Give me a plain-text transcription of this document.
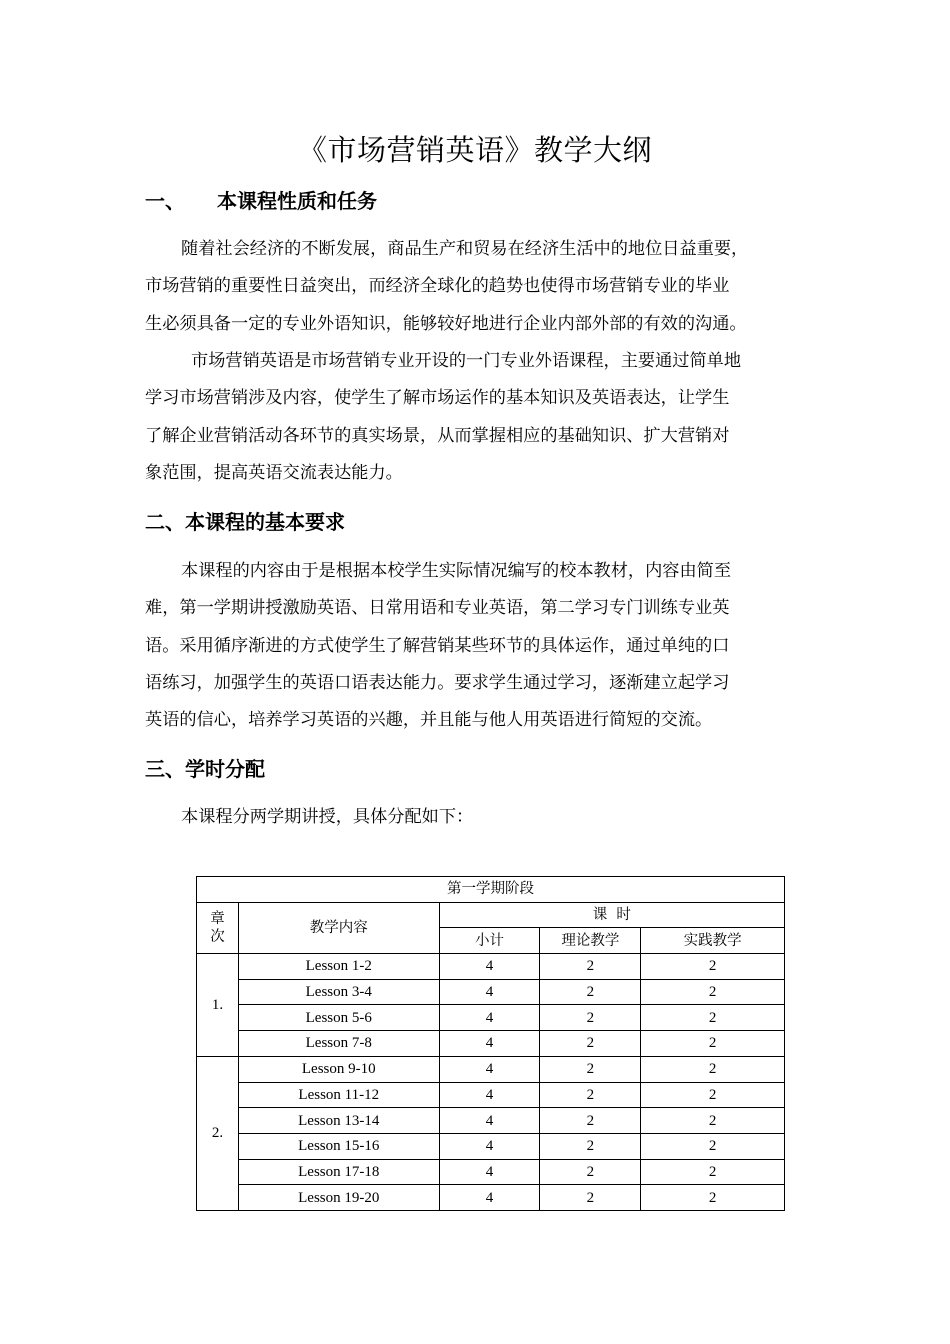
《市场营销英语》教学大纲
一、 本课程性质和任务

随着社会经济的不断发展，商品生产和贸易在经济生活中的地位日益重要，
市场营销的重要性日益突出，而经济全球化的趋势也使得市场营销专业的毕业
生必须具备一定的专业外语知识，能够较好地进行企业内部外部的有效的沟通。

市场营销英语是市场营销专业开设的一门专业外语课程，主要通过简单地
学习市场营销涉及内容，使学生了解市场运作的基本知识及英语表达，让学生
了解企业营销活动各环节的真实场景，从而掌握相应的基础知识、扩大营销对
象范围，提高英语交流表达能力。

二、本课程的基本要求

本课程的内容由于是根据本校学生实际情况编写的校本教材，内容由简至
难，第一学期讲授激励英语、日常用语和专业英语，第二学习专门训练专业英
语。采用循序渐进的方式使学生了解营销某些环节的具体运作，通过单纯的口
语练习，加强学生的英语口语表达能力。要求学生通过学习，逐渐建立起学习
英语的信心，培养学习英语的兴趣，并且能与他人用英语进行简短的交流。

三、学时分配

本课程分两学期讲授，具体分配如下：

第一学期阶段				

章
次	教学内容	课  时		
		小计	理论教学	实践教学
1.	Lesson 1-2	4	2	2
	Lesson 3-4	4	2	2
	Lesson 5-6	4	2	2
	Lesson 7-8	4	2	2
2.	Lesson 9-10	4	2	2
	Lesson 11-12	4	2	2
	Lesson 13-14	4	2	2
	Lesson 15-16	4	2	2
	Lesson 17-18	4	2	2
	Lesson 19-20	4	2	2
